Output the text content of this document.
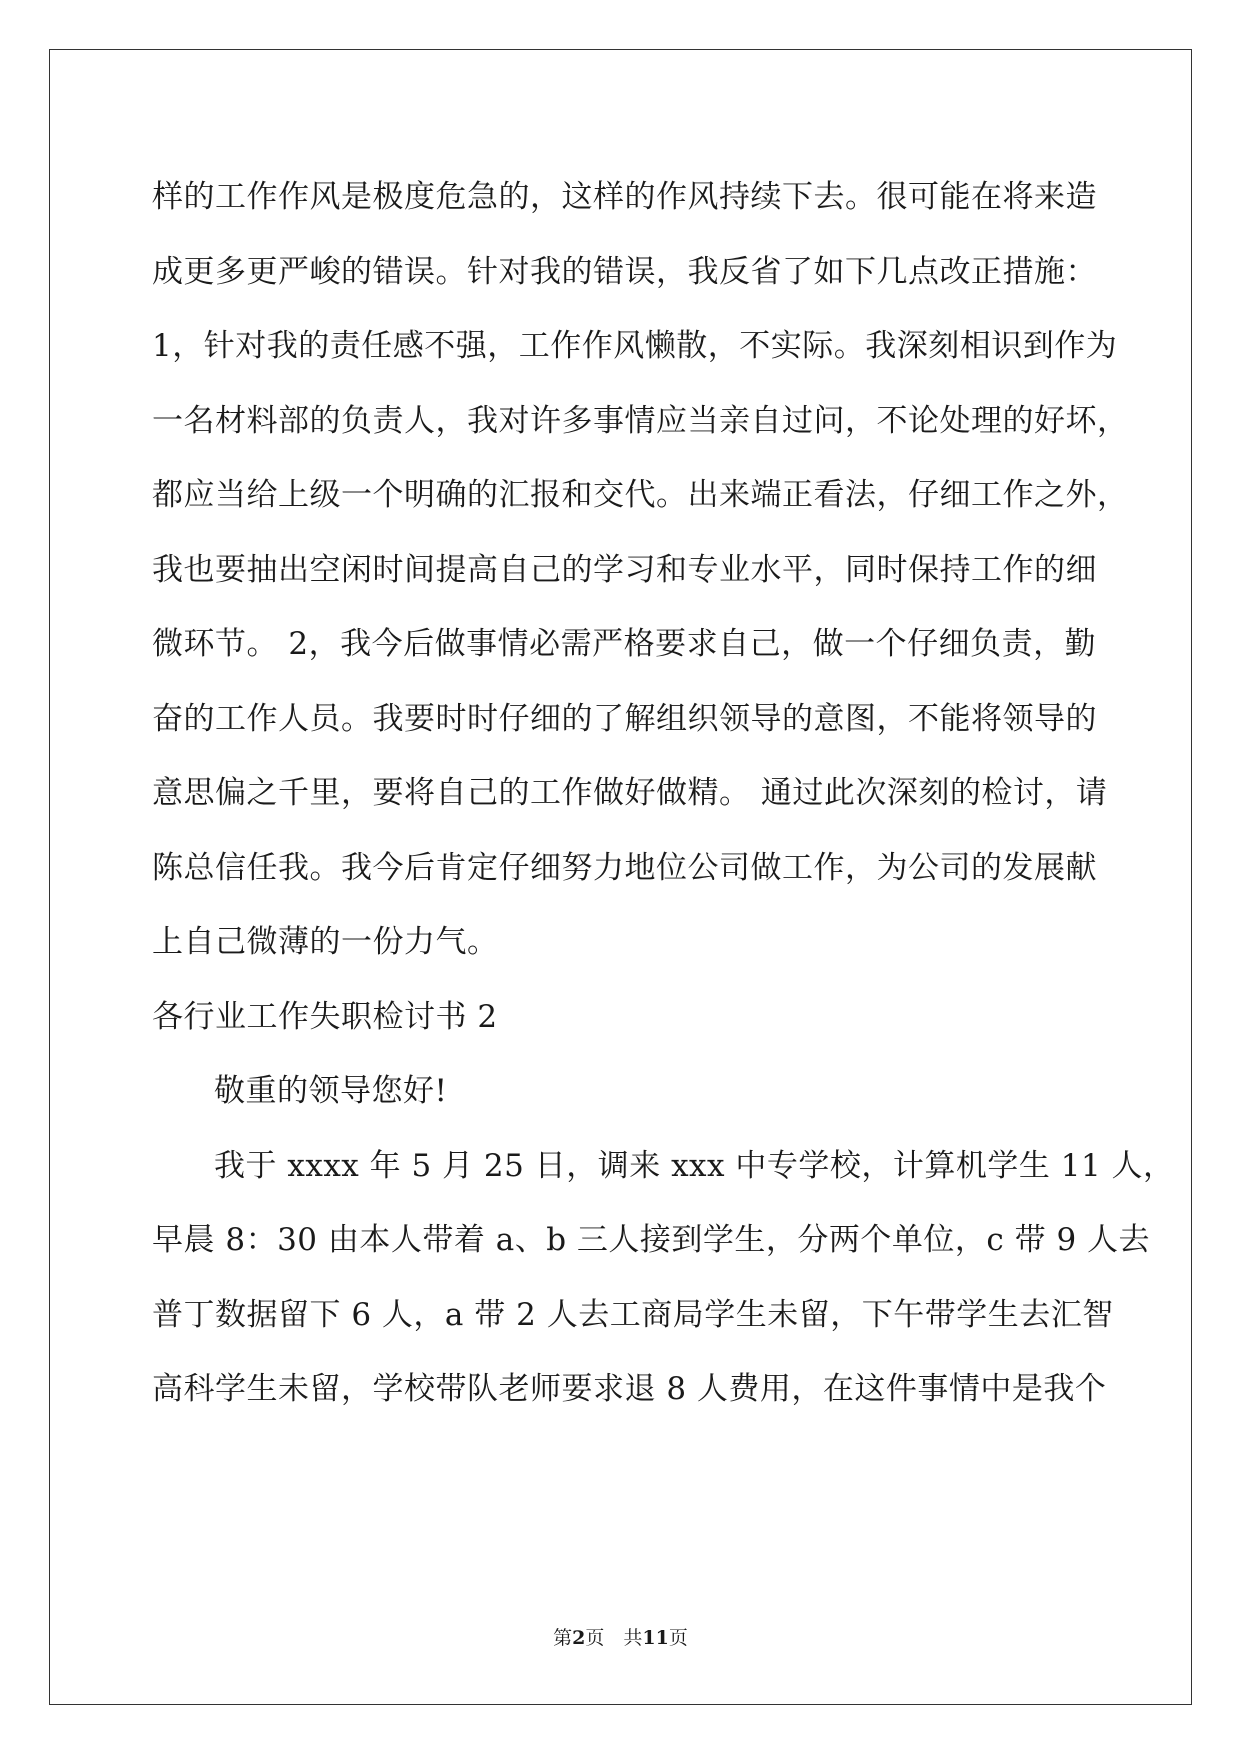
样的工作作风是极度危急的，这样的作风持续下去。很可能在将来造
成更多更严峻的错误。针对我的错误，我反省了如下几点改正措施：
1，针对我的责任感不强，工作作风懒散，不实际。我深刻相识到作为
一名材料部的负责人，我对许多事情应当亲自过问，不论处理的好坏，
都应当给上级一个明确的汇报和交代。出来端正看法，仔细工作之外，
我也要抽出空闲时间提高自己的学习和专业水平，同时保持工作的细
微环节。 2，我今后做事情必需严格要求自己，做一个仔细负责，勤
奋的工作人员。我要时时仔细的了解组织领导的意图，不能将领导的
意思偏之千里，要将自己的工作做好做精。 通过此次深刻的检讨，请
陈总信任我。我今后肯定仔细努力地位公司做工作，为公司的发展献
上自己微薄的一份力气。
各行业工作失职检讨书 2
敬重的领导您好!
我于 xxxx 年 5 月 25 日，调来 xxx 中专学校，计算机学生 11 人，
早晨 8：30 由本人带着 a、b 三人接到学生，分两个单位，c 带 9 人去
普丁数据留下 6 人，a 带 2 人去工商局学生未留，下午带学生去汇智
高科学生未留，学校带队老师要求退 8 人费用，在这件事情中是我个
第2页　共11页
